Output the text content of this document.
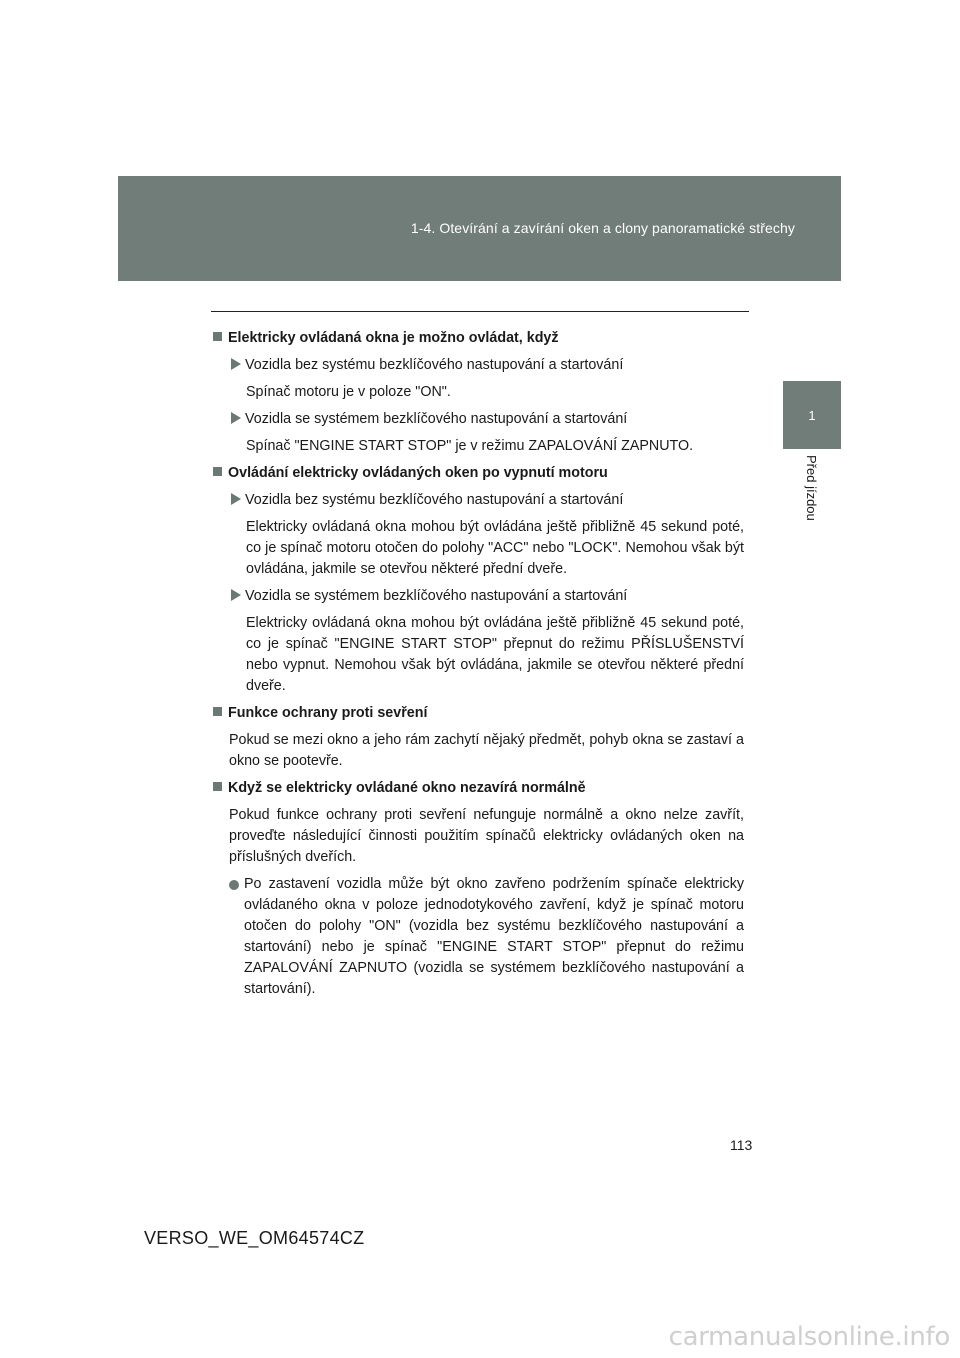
1-4. Otevírání a zavírání oken a clony panoramatické střechy
1
Před jízdou
Elektricky ovládaná okna je možno ovládat, když
Vozidla bez systému bezklíčového nastupování a startování
Spínač motoru je v poloze "ON".
Vozidla se systémem bezklíčového nastupování a startování
Spínač "ENGINE START STOP" je v režimu ZAPALOVÁNÍ ZAPNUTO.
Ovládání elektricky ovládaných oken po vypnutí motoru
Vozidla bez systému bezklíčového nastupování a startování
Elektricky ovládaná okna mohou být ovládána ještě přibližně 45 sekund poté, co je spínač motoru otočen do polohy "ACC" nebo "LOCK". Nemohou však být ovládána, jakmile se otevřou některé přední dveře.
Vozidla se systémem bezklíčového nastupování a startování
Elektricky ovládaná okna mohou být ovládána ještě přibližně 45 sekund poté, co je spínač "ENGINE START STOP" přepnut do režimu PŘÍSLUŠENSTVÍ nebo vypnut. Nemohou však být ovládána, jakmile se otevřou některé přední dveře.
Funkce ochrany proti sevření
Pokud se mezi okno a jeho rám zachytí nějaký předmět, pohyb okna se zastaví a okno se pootevře.
Když se elektricky ovládané okno nezavírá normálně
Pokud funkce ochrany proti sevření nefunguje normálně a okno nelze zavřít, proveďte následující činnosti použitím spínačů elektricky ovládaných oken na příslušných dveřích.
Po zastavení vozidla může být okno zavřeno podržením spínače elektricky ovládaného okna v poloze jednodotykového zavření, když je spínač motoru otočen do polohy "ON" (vozidla bez systému bezklíčového nastupování a startování) nebo je spínač "ENGINE START STOP" přepnut do režimu ZAPALOVÁNÍ ZAPNUTO (vozidla se systémem bezklíčového nastupování a startování).
113
VERSO_WE_OM64574CZ
carmanualsonline.info
